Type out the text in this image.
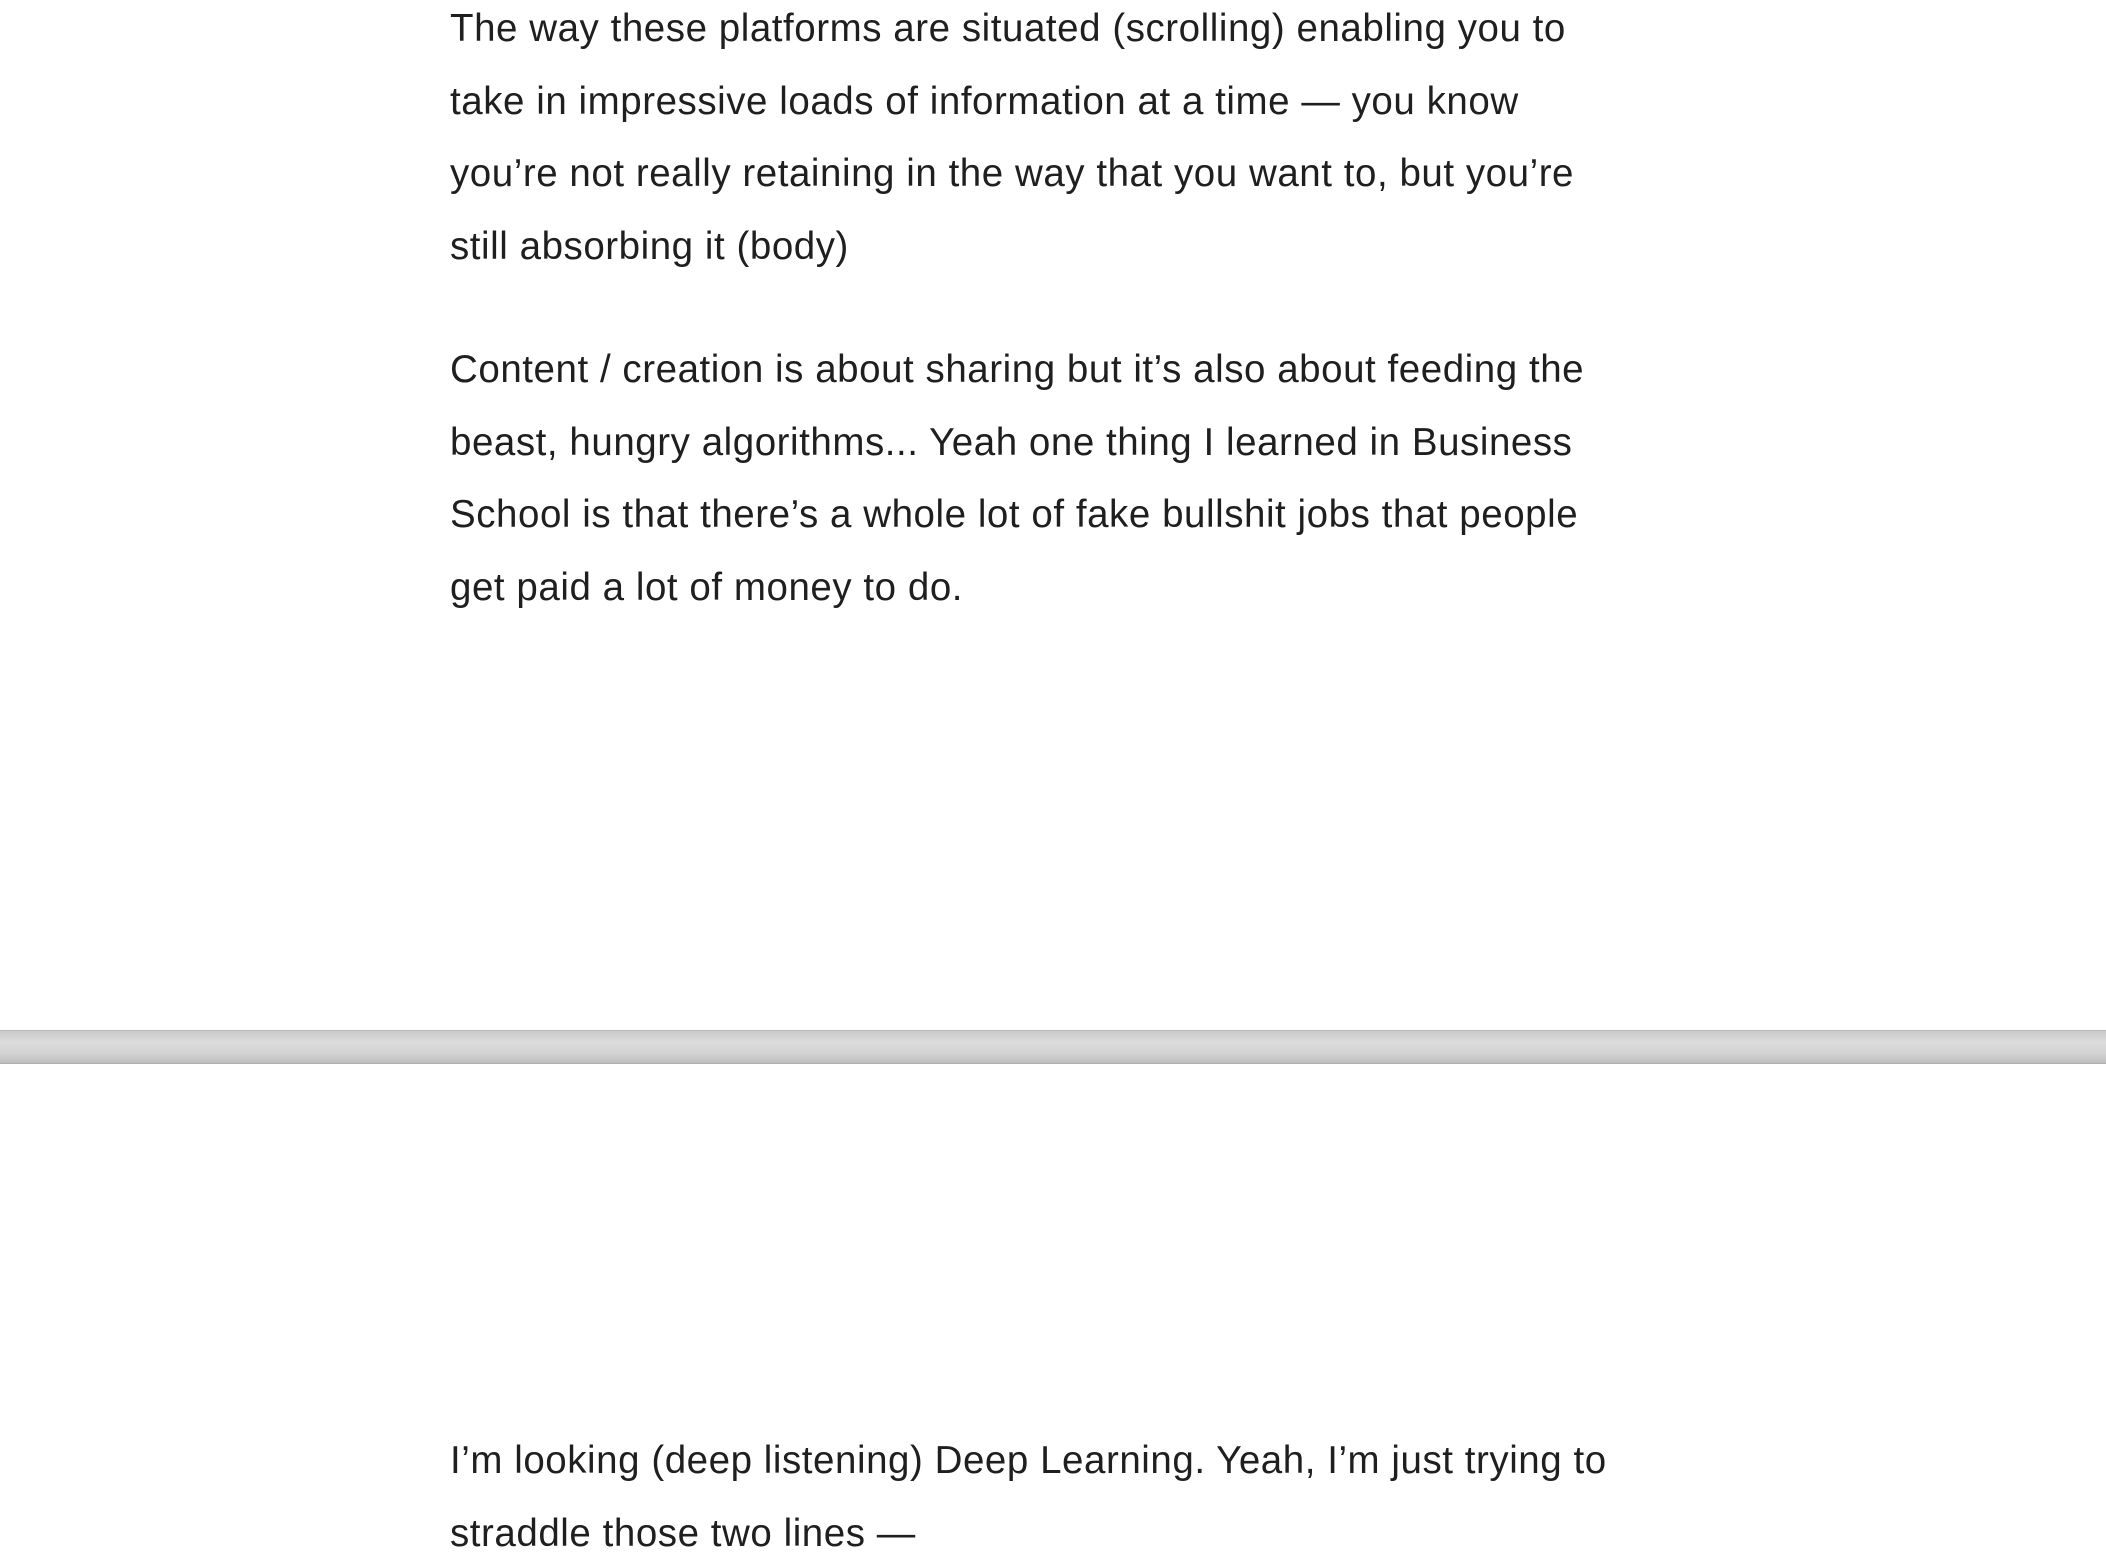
The way these platforms are situated (scrolling) enabling you to

take in impressive loads of information at a time — you know

you’re not really retaining in the way that you want to, but you’re

still absorbing it (body)

Content / creation is about sharing but it’s also about feeding the

beast, hungry algorithms... Yeah one thing I learned in Business

School is that there’s a whole lot of fake bullshit jobs that people

get paid a lot of money to do.

I’m looking (deep listening) Deep Learning. Yeah, I’m just trying to

straddle those two lines —
